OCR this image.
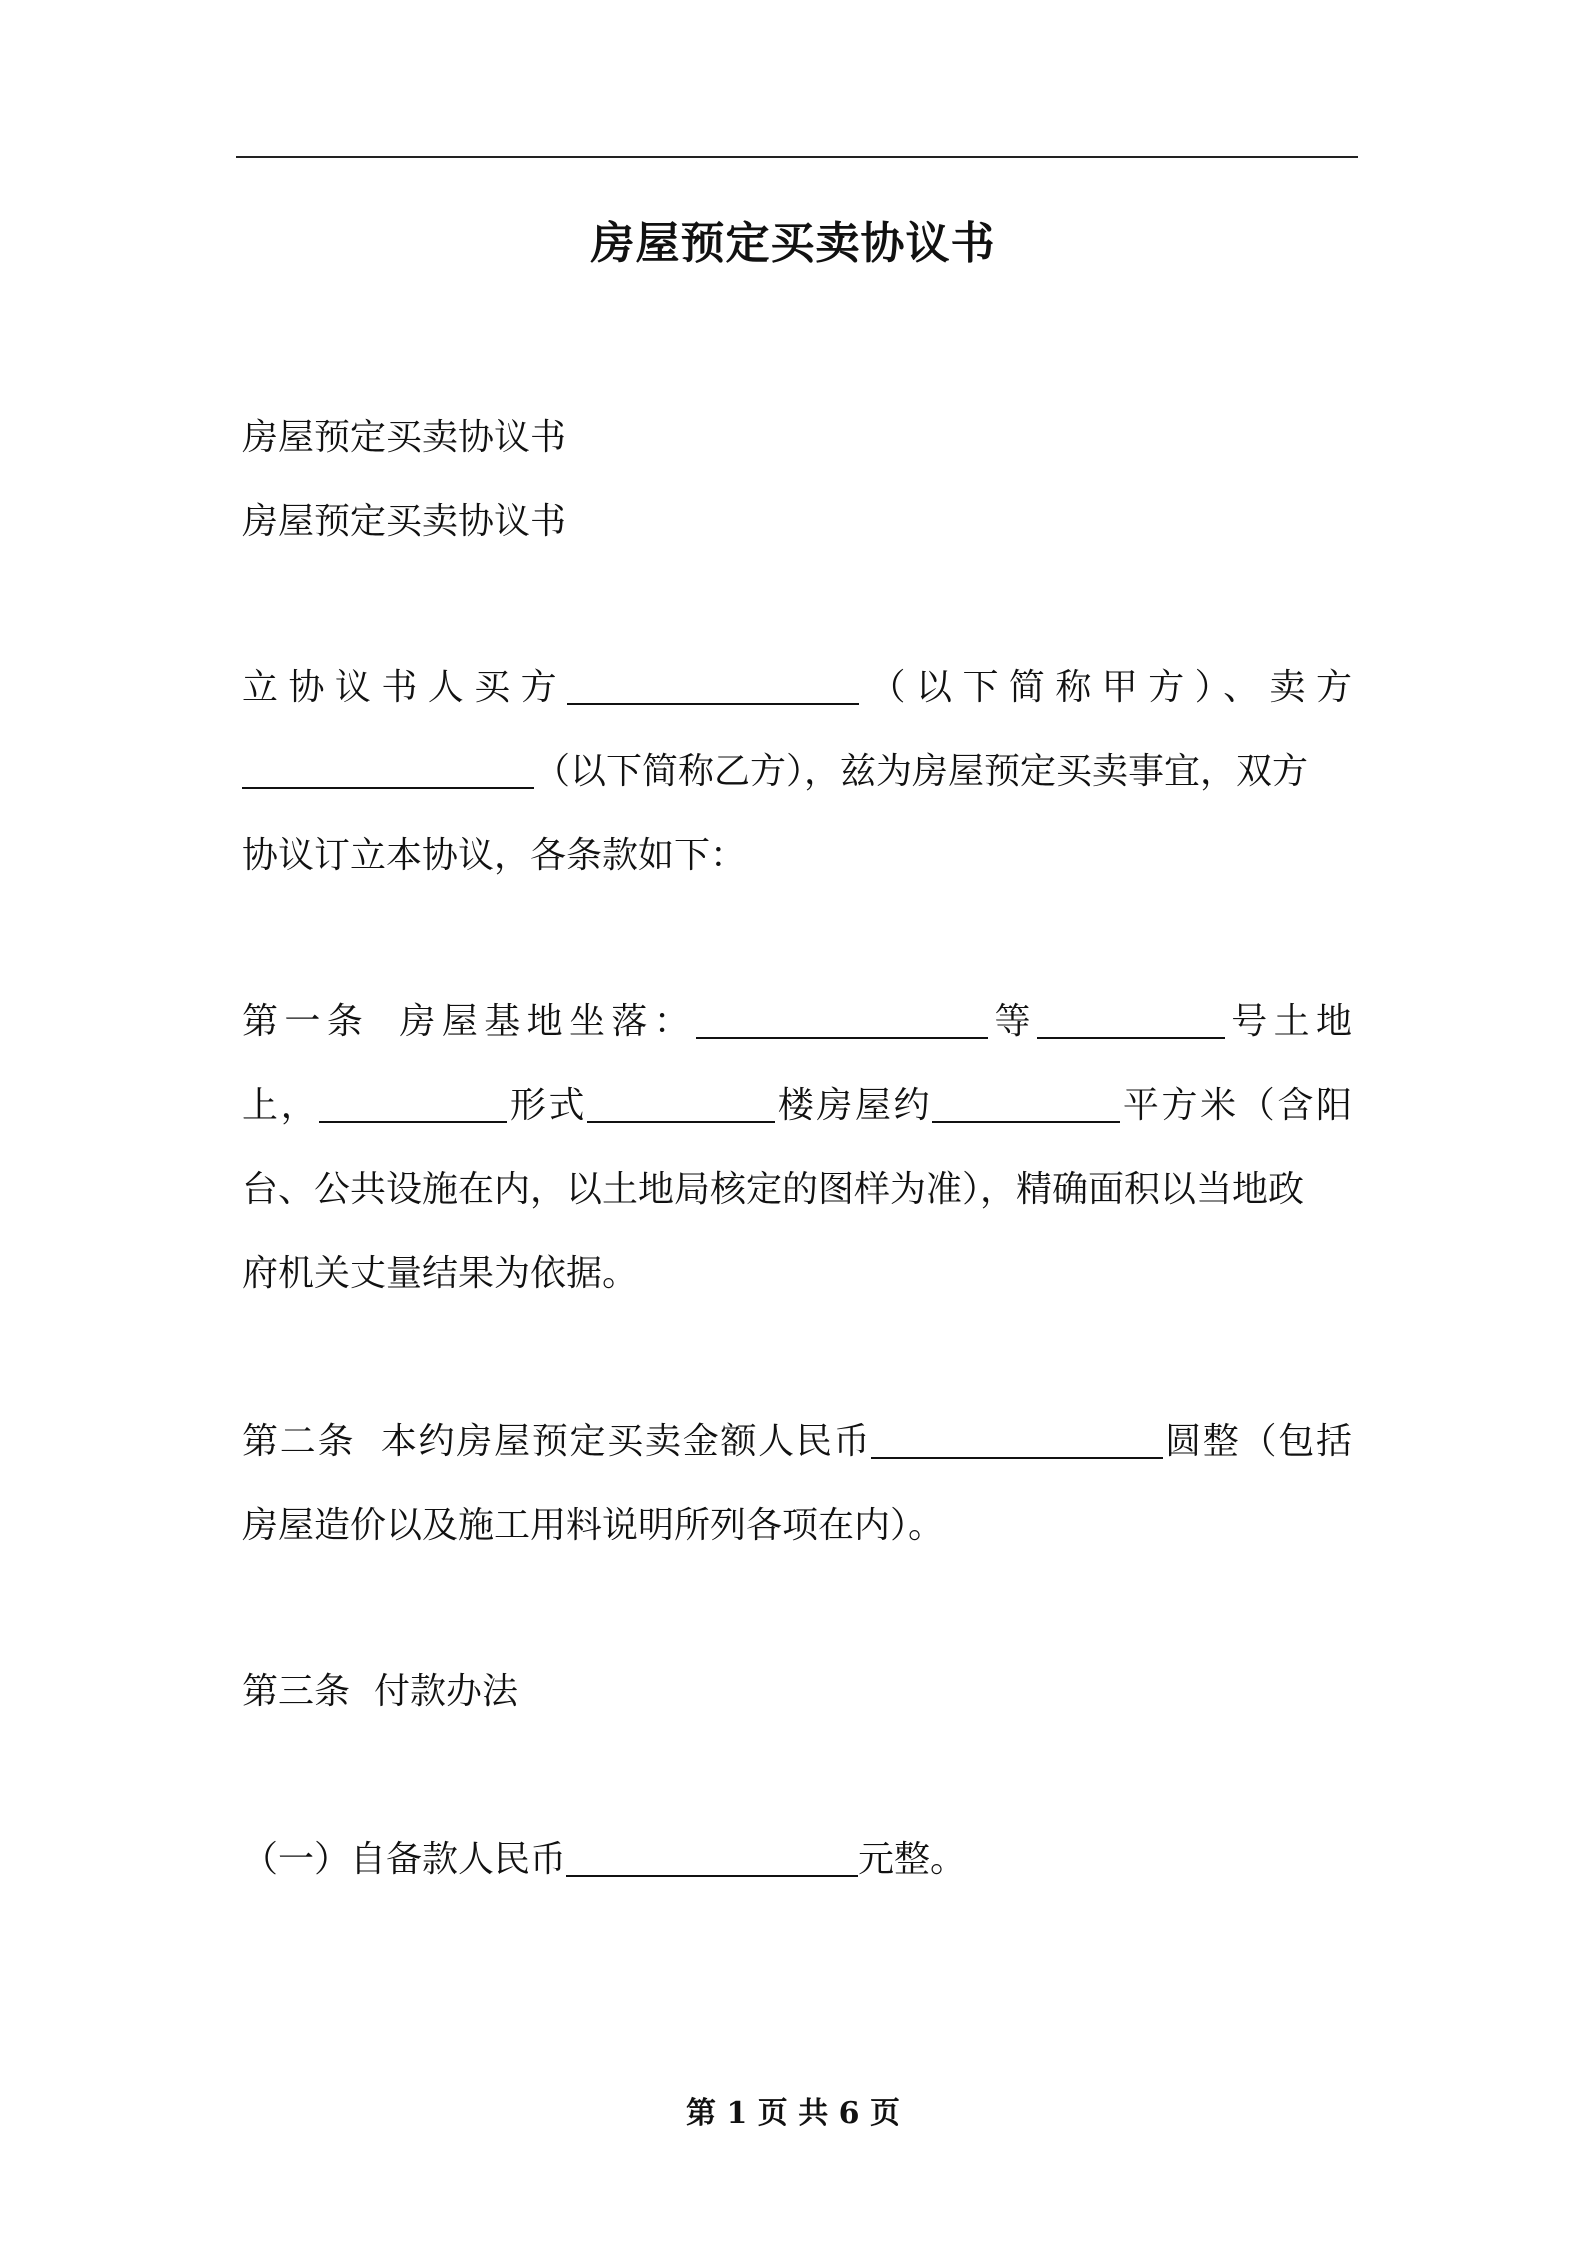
房屋预定买卖协议书
房屋预定买卖协议书
房屋预定买卖协议书
立协议书人买方	（以下简称甲方）、卖方
（以下简称乙方），兹为房屋预定买卖事宜，双方
协议订立本协议，各条款如下：
第一条 房屋基地坐落：	等	号土地
上，	形式	楼房屋约	平方米（含阳
台、公共设施在内，以土地局核定的图样为准），精确面积以当地政
府机关丈量结果为依据。
第二条 本约房屋预定买卖金额人民币	圆整（包括
房屋造价以及施工用料说明所列各项在内）。
第三条 付款办法
（一）自备款人民币	元整。
第 1 页 共 6 页
